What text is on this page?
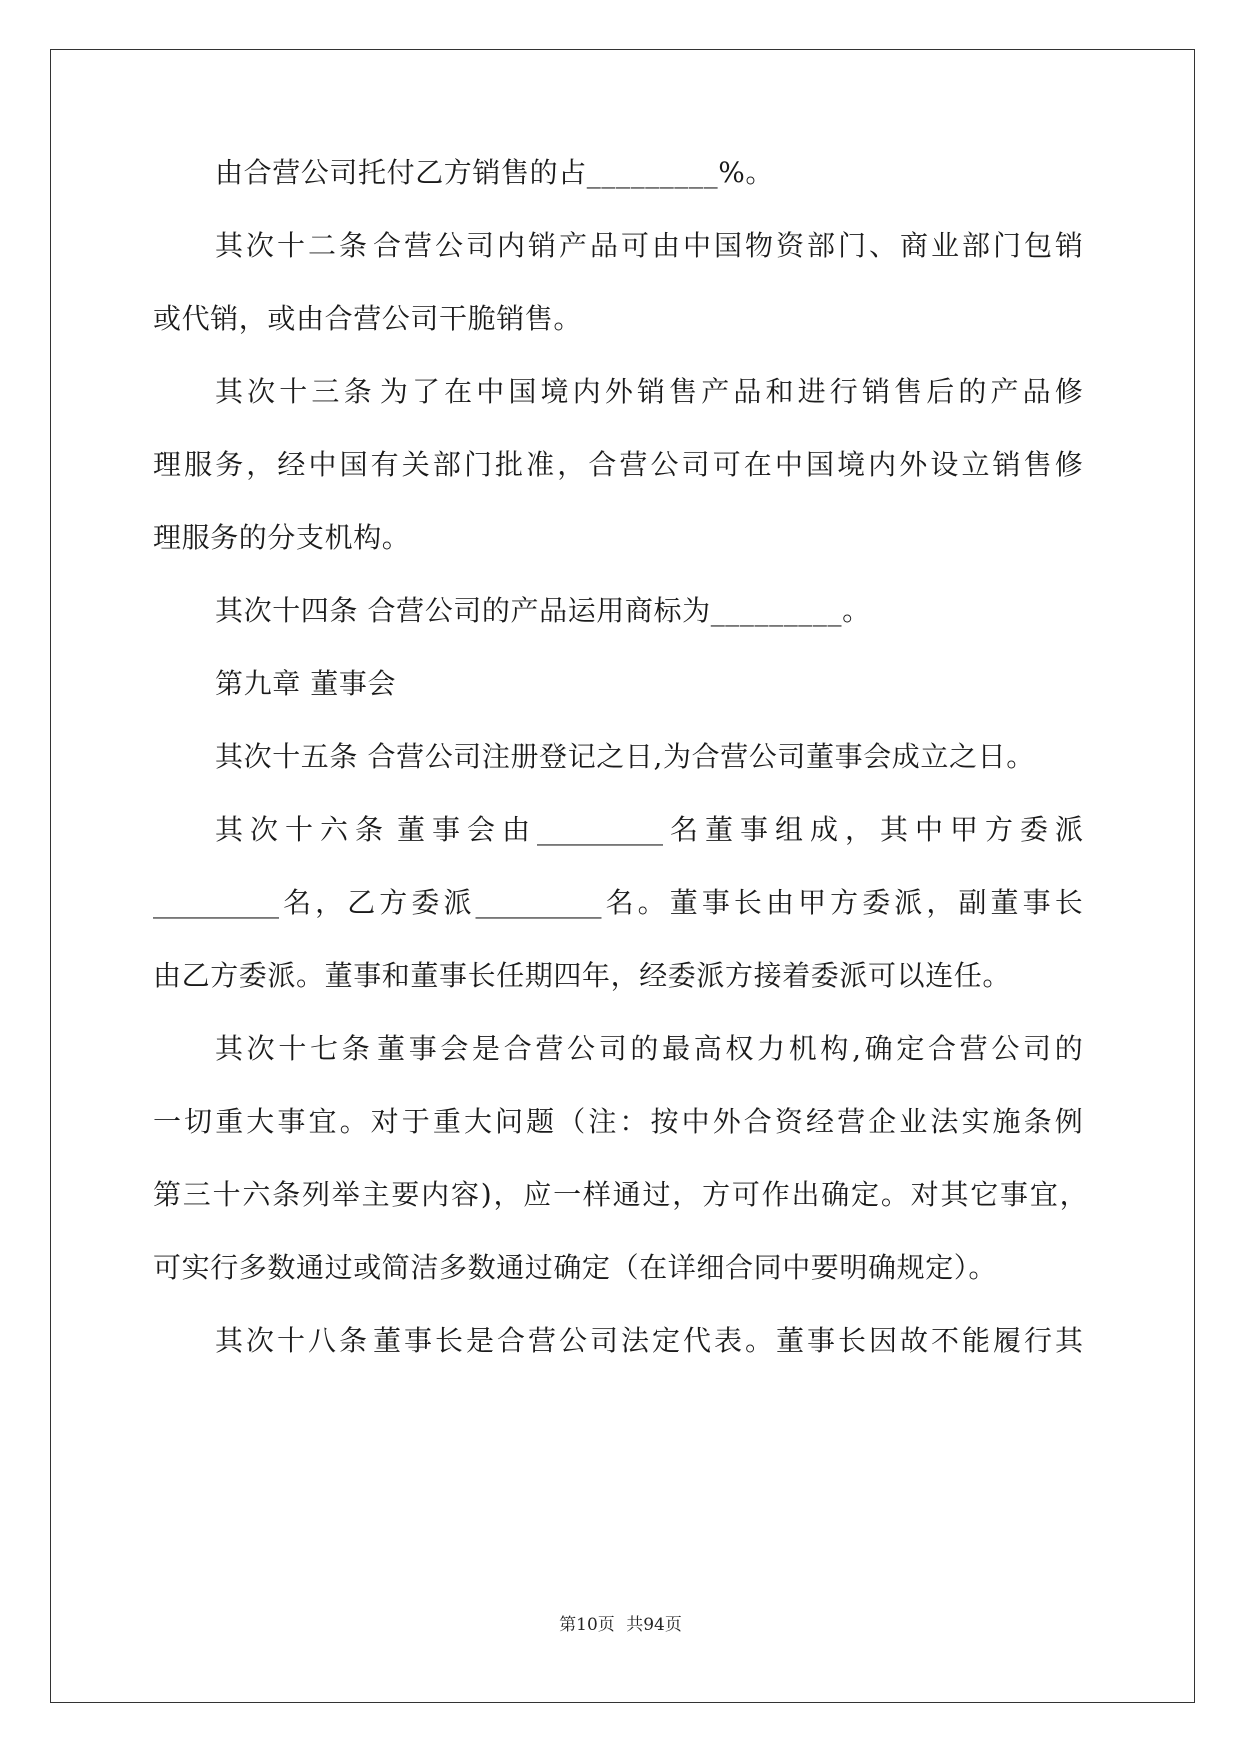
由合营公司托付乙方销售的占_________%。
其 次 十 二 条 合 营 公 司 内 销 产 品 可 由 中 国 物 资 部 门 、 商 业 部 门 包 销
或代销，或由合营公司干脆销售。
其 次 十 三 条 为 了 在 中 国 境 内 外 销 售 产 品 和 进 行 销 售 后 的 产 品 修
理 服 务 ， 经 中 国 有 关 部 门 批 准 ， 合 营 公 司 可 在 中 国 境 内 外 设 立 销 售 修
理服务的分支机构。
其次十四条 合营公司的产品运用商标为_________。
第九章 董事会
其次十五条 合营公司注册登记之日,为合营公司董事会成立之日。
其 次 十 六 条 董 事 会 由 _________ 名 董 事 组 成 ， 其 中 甲 方 委 派
_________ 名 ， 乙 方 委 派 _________ 名 。 董 事 长 由 甲 方 委 派 ， 副 董 事 长
由乙方委派。董事和董事长任期四年，经委派方接着委派可以连任。
其 次 十 七 条 董 事 会 是 合 营 公 司 的 最 高 权 力 机 构 , 确 定 合 营 公 司 的
一 切 重 大 事 宜 。 对 于 重 大 问 题 （ 注 ： 按 中 外 合 资 经 营 企 业 法 实 施 条 例
第 三 十 六 条 列 举 主 要 内 容 ) ， 应 一 样 通 过 ， 方 可 作 出 确 定 。 对 其 它 事 宜 ，
可实行多数通过或简洁多数通过确定（在详细合同中要明确规定）。
其 次 十 八 条 董 事 长 是 合 营 公 司 法 定 代 表 。 董 事 长 因 故 不 能 履 行 其
第10页 共94页
